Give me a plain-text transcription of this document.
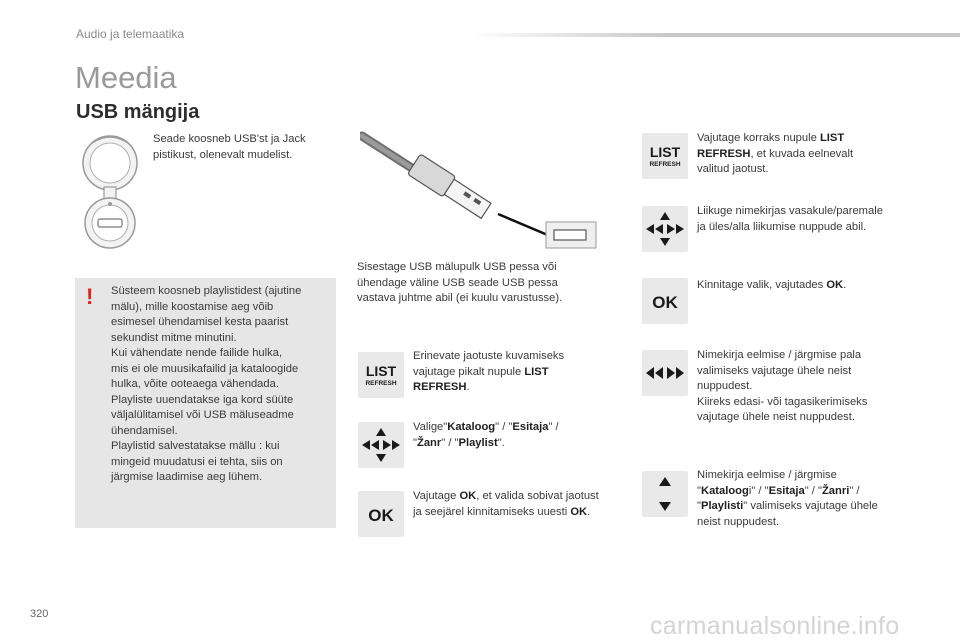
Audio ja telemaatika
Meedia
USB mängija
Seade koosneb USB'st ja Jack pistikust, olenevalt mudelist.
! Süsteem koosneb playlistidest (ajutine
mälu), mille koostamise aeg võib
esimesel ühendamisel kesta paarist
sekundist mitme minutini.
Kui vähendate nende failide hulka,
mis ei ole muusikafailid ja kataloogide
hulka, võite ooteaega vähendada.
Playliste uuendatakse iga kord süüte
väljalülitamisel või USB mäluseadme
ühendamisel.
Playlistid salvestatakse mällu : kui
mingeid muudatusi ei tehta, siis on
järgmise laadimise aeg lühem.
Sisestage USB mälupulk USB pessa või
ühendage väline USB seade USB pessa
vastava juhtme abil (ei kuulu varustusse).
LIST
REFRESH
Erinevate jaotuste kuvamiseks
vajutage pikalt nupule LIST
REFRESH.
Valige"Kataloog" / "Esitaja" /
"Žanr" / "Playlist".
OK
Vajutage OK, et valida sobivat jaotust
ja seejärel kinnitamiseks uuesti OK.
LIST
REFRESH
Vajutage korraks nupule LIST
REFRESH, et kuvada eelnevalt
valitud jaotust.
Liikuge nimekirjas vasakule/paremale
ja üles/alla liikumise nuppude abil.
OK
Kinnitage valik, vajutades OK.
Nimekirja eelmise / järgmise pala
valimiseks vajutage ühele neist
nuppudest.
Kiireks edasi- või tagasikerimiseks
vajutage ühele neist nuppudest.
Nimekirja eelmise / järgmise
"Kataloogi" / "Esitaja" / "Žanri" /
"Playlisti" valimiseks vajutage ühele
neist nuppudest.
320	carmanualsonline.info
